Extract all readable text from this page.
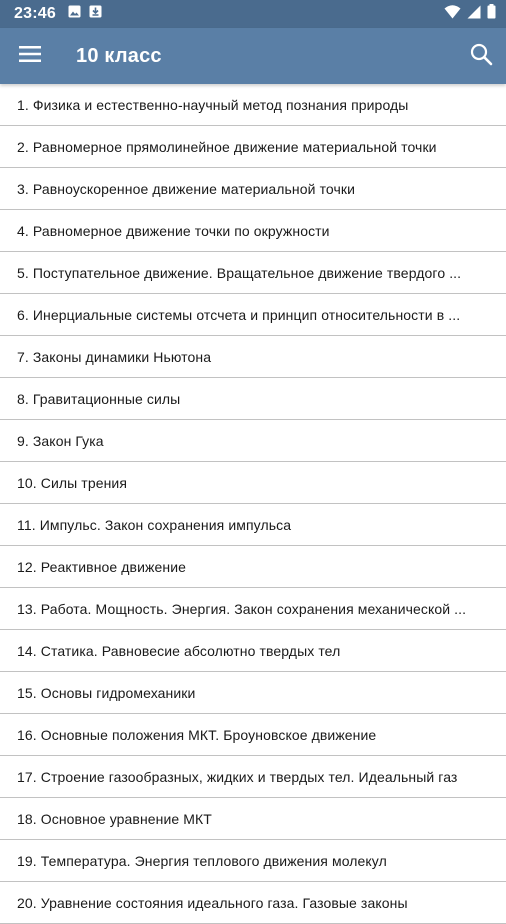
23:46
10 класс
1. Физика и естественно-научный метод познания природы
2. Равномерное прямолинейное движение материальной точки
3. Равноускоренное движение материальной точки
4. Равномерное движение точки по окружности
5. Поступательное движение. Вращательное движение твердого ...
6. Инерциальные системы отсчета и принцип относительности в ...
7. Законы динамики Ньютона
8. Гравитационные силы
9. Закон Гука
10. Силы трения
11. Импульс. Закон сохранения импульса
12. Реактивное движение
13. Работа. Мощность. Энергия. Закон сохранения механической ...
14. Статика. Равновесие абсолютно твердых тел
15. Основы гидромеханики
16. Основные положения МКТ. Броуновское движение
17. Строение газообразных, жидких и твердых тел. Идеальный газ
18. Основное уравнение МКТ
19. Температура. Энергия теплового движения молекул
20. Уравнение состояния идеального газа. Газовые законы
